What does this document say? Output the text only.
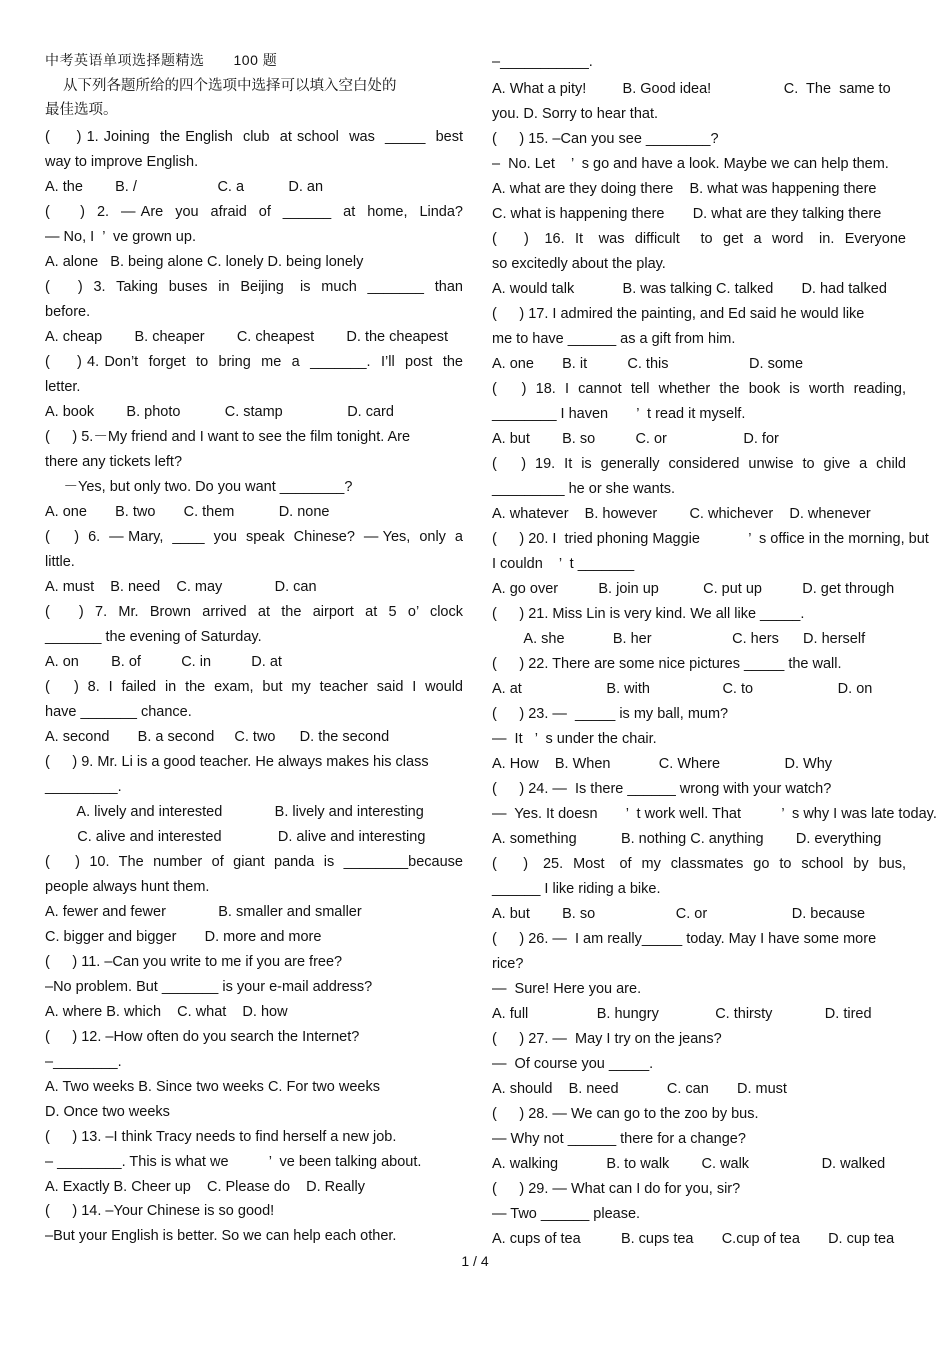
中考英语单项选择题精选　　100 题
从下列各题所给的四个选项中选择可以填入空白处的
最佳选项。
(　  ) 1. Joining  the English  club  at school  was  _____  best
way to improve English.
A. the        B. /                    C. a           D. an
(　  )  2.  — Are  you  afraid  of  ______  at  home,  Linda?
— No, I  ’  ve grown up.
A. alone   B. being alone C. lonely D. being lonely
(　  )  3.  Taking  buses  in  Beijing   is  much  _______  than
before.
A. cheap        B. cheaper        C. cheapest        D. the cheapest
(　  ) 4. Don’t  forget  to  bring  me  a  _______.  I’ll  post  the
letter.
A. book        B. photo           C. stamp                D. card
(　  ) 5.－My friend and I want to see the film tonight. Are
there any tickets left?
　 －Yes, but only two. Do you want ________?
A. one       B. two       C. them           D. none
(　  )  6.  — Mary,  ____  you  speak  Chinese?  — Yes,  only  a
little.
A. must    B. need    C. may             D. can
(　  )  7.  Mr.  Brown  arrived  at  the  airport  at  5  o’  clock
_______ the evening of Saturday.
A. on        B. of          C. in          D. at
(　  )  8.  I  failed  in  the  exam,  but  my  teacher  said  I  would
have _______ chance.
A. second       B. a second     C. two      D. the second
(　  ) 9. Mr. Li is a good teacher. He always makes his class
_________.
A. lively and interested             B. lively and interesting
C. alive and interested              D. alive and interesting
(　  )  10.  The  number  of  giant  panda  is  ________because
people always hunt them.
A. fewer and fewer             B. smaller and smaller
C. bigger and bigger       D. more and more
(　  ) 11. –Can you write to me if you are free?
–No problem. But _______ is your e-mail address?
A. where B. which    C. what    D. how
(　  ) 12. –How often do you search the Internet?
–________.
A. Two weeks B. Since two weeks C. For two weeks
D. Once two weeks
(　  ) 13. –I think Tracy needs to find herself a new job.
– ________. This is what we          ’  ve been talking about.
A. Exactly B. Cheer up    C. Please do    D. Really
(　  ) 14. –Your Chinese is so good!
–But your English is better. So we can help each other.
–___________.
A. What a pity!         B. Good idea!                  C.  The  same to
you. D. Sorry to hear that.
(　  ) 15. –Can you see ________?
–  No. Let    ’  s go and have a look. Maybe we can help them.
A. what are they doing there    B. what was happening there
C. what is happening there       D. what are they talking there
(　  )   16.  It   was  difficult    to  get  a  word   in.  Everyone
so excitedly about the play.
A. would talk            B. was talking C. talked       D. had talked
(　  ) 17. I admired the painting, and Ed said he would like
me to have ______ as a gift from him.
A. one       B. it          C. this                    D. some
(　  )  18.  I  cannot  tell  whether  the  book  is  worth  reading,
________ I haven       ’  t read it myself.
A. but        B. so          C. or                   D. for
(　  )  19.  It  is  generally  considered  unwise  to  give  a  child
_________ he or she wants.
A. whatever    B. however        C. whichever    D. whenever
(　  ) 20. I  tried phoning Maggie            ’  s office in the morning, but
I couldn    ’  t _______
A. go over          B. join up           C. put up          D. get through
(　  ) 21. Miss Lin is very kind. We all like _____.
A. she            B. her                    C. hers      D. herself
(　  ) 22. There are some nice pictures _____ the wall.
A. at                     B. with                  C. to                     D. on
(　  ) 23. —  _____ is my ball, mum?
—  It   ’  s under the chair.
A. How    B. When            C. Where                D. Why
(　  ) 24. —  Is there ______ wrong with your watch?
—  Yes. It doesn       ’  t work well. That          ’  s why I was late today.
A. something           B. nothing C. anything        D. everything
(　  )   25.  Most   of  my  classmates  go  to  school  by  bus,
______ I like riding a bike.
A. but        B. so                    C. or                     D. because
(　  ) 26. —  I am really_____ today. May I have some more
rice?
—  Sure! Here you are.
A. full                 B. hungry              C. thirsty             D. tired
(　  ) 27. —  May I try on the jeans?
—  Of course you _____.
A. should    B. need            C. can       D. must
(　  ) 28. — We can go to the zoo by bus.
— Why not ______ there for a change?
A. walking            B. to walk        C. walk                  D. walked
(　  ) 29. — What can I do for you, sir?
— Two ______ please.
A. cups of tea          B. cups tea       C.cup of tea       D. cup tea
1 / 4
